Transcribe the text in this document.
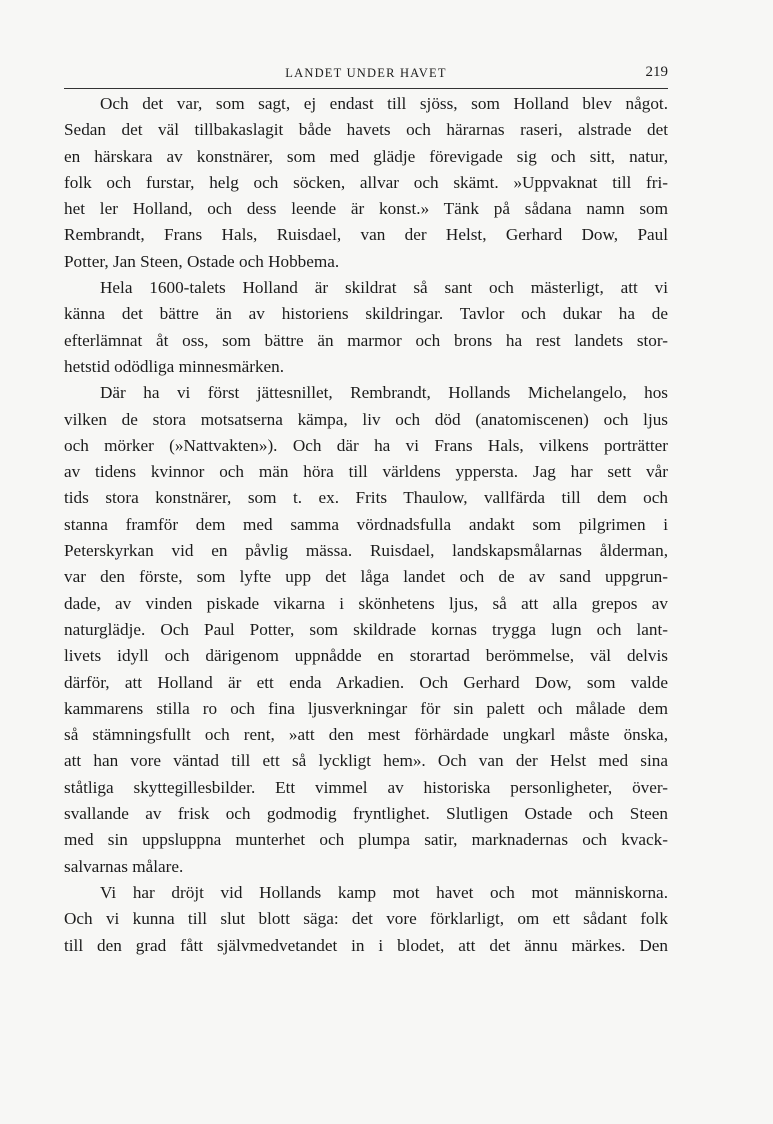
LANDET UNDER HAVET	219
Och det var, som sagt, ej endast till sjöss, som Holland blev något.
Sedan det väl tillbakaslagit både havets och härarnas raseri, alstrade det
en härskara av konstnärer, som med glädje förevigade sig och sitt, natur,
folk och furstar, helg och söcken, allvar och skämt. »Uppvaknat till fri-
het ler Holland, och dess leende är konst.» Tänk på sådana namn som
Rembrandt, Frans Hals, Ruisdael, van der Helst, Gerhard Dow, Paul
Potter, Jan Steen, Ostade och Hobbema.
Hela 1600-talets Holland är skildrat så sant och mästerligt, att vi
känna det bättre än av historiens skildringar. Tavlor och dukar ha de
efterlämnat åt oss, som bättre än marmor och brons ha rest landets stor-
hetstid odödliga minnesmärken.
Där ha vi först jättesnillet, Rembrandt, Hollands Michelangelo, hos
vilken de stora motsatserna kämpa, liv och död (anatomiscenen) och ljus
och mörker (»Nattvakten»). Och där ha vi Frans Hals, vilkens porträtter
av tidens kvinnor och män höra till världens yppersta. Jag har sett vår
tids stora konstnärer, som t. ex. Frits Thaulow, vallfärda till dem och
stanna framför dem med samma vördnadsfulla andakt som pilgrimen i
Peterskyrkan vid en påvlig mässa. Ruisdael, landskapsmålarnas ålderman,
var den förste, som lyfte upp det låga landet och de av sand uppgrun-
dade, av vinden piskade vikarna i skönhetens ljus, så att alla grepos av
naturglädje. Och Paul Potter, som skildrade kornas trygga lugn och lant-
livets idyll och därigenom uppnådde en storartad berömmelse, väl delvis
därför, att Holland är ett enda Arkadien. Och Gerhard Dow, som valde
kammarens stilla ro och fina ljusverkningar för sin palett och målade dem
så stämningsfullt och rent, »att den mest förhärdade ungkarl måste önska,
att han vore väntad till ett så lyckligt hem». Och van der Helst med sina
ståtliga skyttegillesbilder. Ett vimmel av historiska personligheter, över-
svallande av frisk och godmodig fryntlighet. Slutligen Ostade och Steen
med sin uppsluppna munterhet och plumpa satir, marknadernas och kvack-
salvarnas målare.
Vi har dröjt vid Hollands kamp mot havet och mot människorna.
Och vi kunna till slut blott säga: det vore förklarligt, om ett sådant folk
till den grad fått självmedvetandet in i blodet, att det ännu märkes. Den
